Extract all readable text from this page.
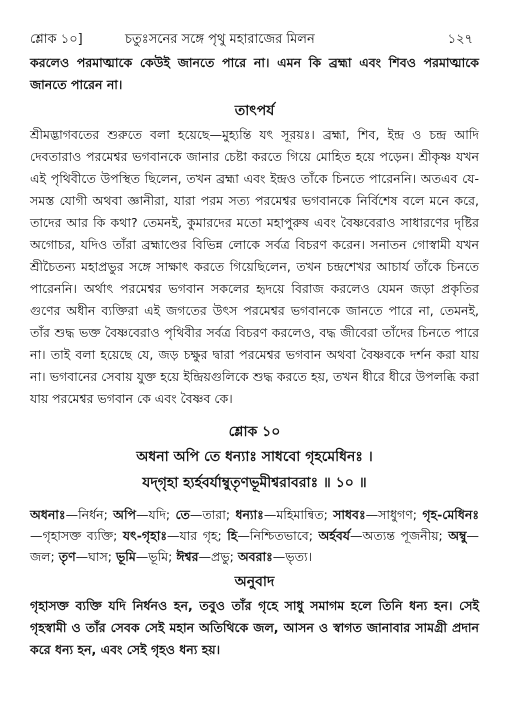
শ্লোক ১০]	চতুঃসনের সঙ্গে পৃথু মহারাজের মিলন	১২৭

করলেও পরমাত্মাকে কেউই জানতে পারে না। এমন কি ব্রহ্মা এবং শিবও পরমাত্মাকে জানতে পারেন না।

তাৎপর্য

শ্রীমদ্ভাগবতের শুরুতে বলা হয়েছে—মুহ্যন্তি যৎ সূরয়ঃ। ব্রহ্মা, শিব, ইন্দ্র ও চন্দ্র আদি দেবতারাও পরমেশ্বর ভগবানকে জানার চেষ্টা করতে গিয়ে মোহিত হয়ে পড়েন। শ্রীকৃষ্ণ যখন এই পৃথিবীতে উপস্থিত ছিলেন, তখন ব্রহ্মা এবং ইন্দ্রও তাঁকে চিনতে পারেননি। অতএব যে-সমস্ত যোগী অথবা জ্ঞানীরা, যারা পরম সত্য পরমেশ্বর ভগবানকে নির্বিশেষ বলে মনে করে, তাদের আর কি কথা? তেমনই, কুমারদের মতো মহাপুরুষ এবং বৈষ্ণবেরাও সাধারণের দৃষ্টির অগোচর, যদিও তাঁরা ব্রহ্মাণ্ডের বিভিন্ন লোকে সর্বত্র বিচরণ করেন। সনাতন গোস্বামী যখন শ্রীচৈতন্য মহাপ্রভুর সঙ্গে সাক্ষাৎ করতে গিয়েছিলেন, তখন চন্দ্রশেখর আচার্য তাঁকে চিনতে পারেননি। অর্থাৎ পরমেশ্বর ভগবান সকলের হৃদয়ে বিরাজ করলেও যেমন জড়া প্রকৃতির গুণের অধীন ব্যক্তিরা এই জগতের উৎস পরমেশ্বর ভগবানকে জানতে পারে না, তেমনই, তাঁর শুদ্ধ ভক্ত বৈষ্ণবেরাও পৃথিবীর সর্বত্র বিচরণ করলেও, বদ্ধ জীবেরা তাঁদের চিনতে পারে না। তাই বলা হয়েছে যে, জড় চক্ষুর দ্বারা পরমেশ্বর ভগবান অথবা বৈষ্ণবকে দর্শন করা যায় না। ভগবানের সেবায় যুক্ত হয়ে ইন্দ্রিয়গুলিকে শুদ্ধ করতে হয়, তখন ধীরে ধীরে উপলব্ধি করা যায় পরমেশ্বর ভগবান কে এবং বৈষ্ণব কে।

শ্লোক ১০

অধনা অপি তে ধন্যাঃ সাধবো গৃহমেধিনঃ ।

যদ্‌গৃহা হ্যর্হবর্যাম্বুতৃণভূমীশ্বরাবরাঃ ॥ ১০ ॥

অধনাঃ—নির্ধন; অপি—যদি; তে—তারা; ধন্যাঃ—মহিমান্বিত; সাধবঃ—সাধুগণ; গৃহ-মেধিনঃ—গৃহাসক্ত ব্যক্তি; যৎ-গৃহাঃ—যার গৃহ; হি—নিশ্চিতভাবে; অর্হবর্য—অত্যন্ত পূজনীয়; অম্বু—জল; তৃণ—ঘাস; ভূমি—ভূমি; ঈশ্বর—প্রভু; অবরাঃ—ভৃত্য।
অনুবাদ

গৃহাসক্ত ব্যক্তি যদি নির্ধনও হন, তবুও তাঁর গৃহে সাধু সমাগম হলে তিনি ধন্য হন। সেই গৃহস্বামী ও তাঁর সেবক সেই মহান অতিথিকে জল, আসন ও স্বাগত জানাবার সামগ্রী প্রদান করে ধন্য হন, এবং সেই গৃহও ধন্য হয়।
